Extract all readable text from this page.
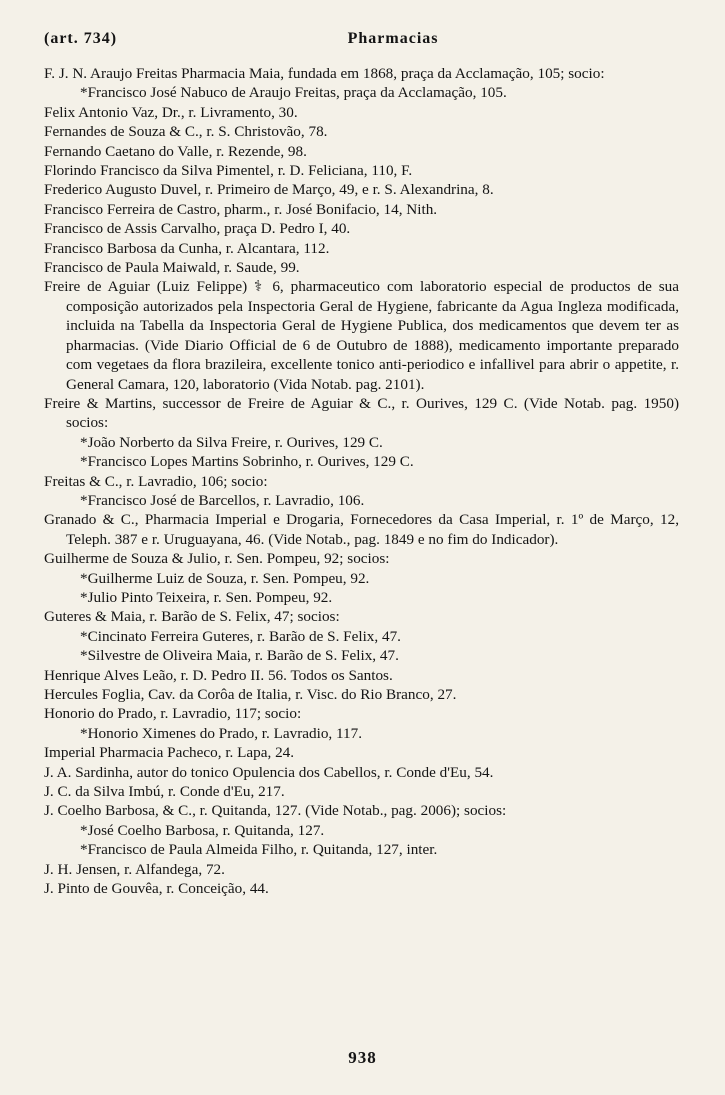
(art. 734)	Pharmacias

F. J. N. Araujo Freitas Pharmacia Maia, fundada em 1868, praça da Acclamação, 105; socio:

*Francisco José Nabuco de Araujo Freitas, praça da Acclamação, 105.

Felix Antonio Vaz, Dr., r. Livramento, 30.

Fernandes de Souza & C., r. S. Christovão, 78.

Fernando Caetano do Valle, r. Rezende, 98.

Florindo Francisco da Silva Pimentel, r. D. Feliciana, 110, F.

Frederico Augusto Duvel, r. Primeiro de Março, 49, e r. S. Alexandrina, 8.

Francisco Ferreira de Castro, pharm., r. José Bonifacio, 14, Nith.

Francisco de Assis Carvalho, praça D. Pedro I, 40.

Francisco Barbosa da Cunha, r. Alcantara, 112.

Francisco de Paula Maiwald, r. Saude, 99.

Freire de Aguiar (Luiz Felippe) ⚕ 6, pharmaceutico com laboratorio especial de productos de sua composição autorizados pela Inspectoria Geral de Hygiene, fabricante da Agua Ingleza modificada, incluida na Tabella da Inspectoria Geral de Hygiene Publica, dos medicamentos que devem ter as pharmacias. (Vide Diario Official de 6 de Outubro de 1888), medicamento importante preparado com vegetaes da flora brazileira, excellente tonico anti-periodico e infallivel para abrir o appetite, r. General Camara, 120, laboratorio (Vida Notab. pag. 2101).

Freire & Martins, successor de Freire de Aguiar & C., r. Ourives, 129 C. (Vide Notab. pag. 1950) socios:

*João Norberto da Silva Freire, r. Ourives, 129 C.

*Francisco Lopes Martins Sobrinho, r. Ourives, 129 C.

Freitas & C., r. Lavradio, 106; socio:

*Francisco José de Barcellos, r. Lavradio, 106.

Granado & C., Pharmacia Imperial e Drogaria, Fornecedores da Casa Imperial, r. 1º de Março, 12, Teleph. 387 e r. Uruguayana, 46. (Vide Notab., pag. 1849 e no fim do Indicador).

Guilherme de Souza & Julio, r. Sen. Pompeu, 92; socios:

*Guilherme Luiz de Souza, r. Sen. Pompeu, 92.

*Julio Pinto Teixeira, r. Sen. Pompeu, 92.

Guteres & Maia, r. Barão de S. Felix, 47; socios:

*Cincinato Ferreira Guteres, r. Barão de S. Felix, 47.

*Silvestre de Oliveira Maia, r. Barão de S. Felix, 47.

Henrique Alves Leão, r. D. Pedro II. 56. Todos os Santos.

Hercules Foglia, Cav. da Corôa de Italia, r. Visc. do Rio Branco, 27.

Honorio do Prado, r. Lavradio, 117; socio:

*Honorio Ximenes do Prado, r. Lavradio, 117.

Imperial Pharmacia Pacheco, r. Lapa, 24.

J. A. Sardinha, autor do tonico Opulencia dos Cabellos, r. Conde d'Eu, 54.

J. C. da Silva Imbú, r. Conde d'Eu, 217.

J. Coelho Barbosa, & C., r. Quitanda, 127. (Vide Notab., pag. 2006); socios:

*José Coelho Barbosa, r. Quitanda, 127.

*Francisco de Paula Almeida Filho, r. Quitanda, 127, inter.

J. H. Jensen, r. Alfandega, 72.

J. Pinto de Gouvêa, r. Conceição, 44.

938
